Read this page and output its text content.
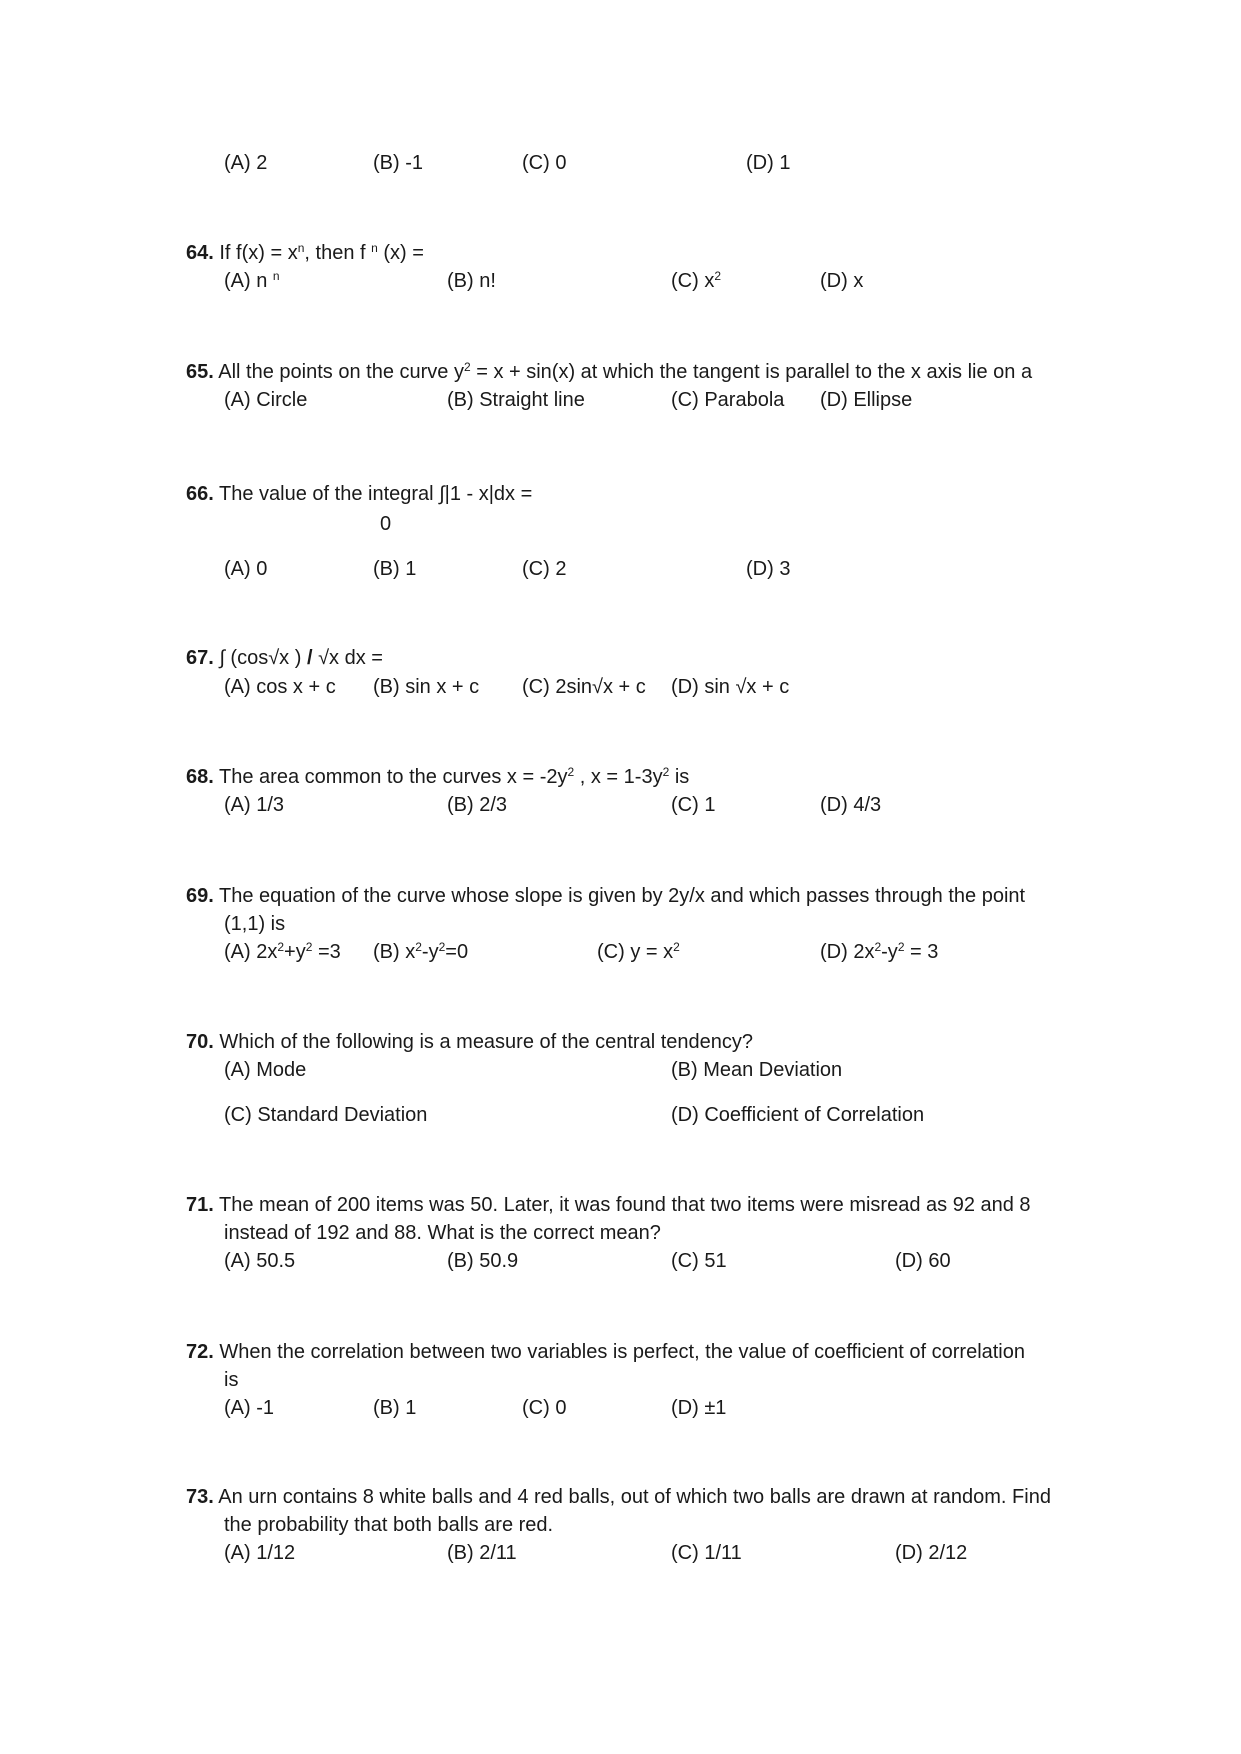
(A) 2	(B) -1	(C) 0	(D) 1
64. If $f(x) = x^n$, then f $^n$ (x) =
(A) n $^n$	(B) n!	(C) $x^2$	(D) x
65. All the points on the curve $y^2 = x + \sin(x)$ at which the tangent is parallel to the x axis lie on a
(A) Circle	(B) Straight line	(C) Parabola (D) Ellipse
66. The value of the integral ∫|1 - x|dx =
0
(A) 0	(B) 1	(C) 2	(D) 3
67. ∫ (cos√x ) / √x dx =
(A) cos x + c (B) sin x + c (C) 2sin√x + c (D) sin √x + c
68. The area common to the curves $x = -2y^2$ , $x = 1-3y^2$ is
(A) 1/3	(B) 2/3	(C) 1	(D) 4/3
69. The equation of the curve whose slope is given by 2y/x and which passes through the point
(1,1) is
(A) $2x^2+y^2 =3$ (B) $x^2-y^2=0$	(C) $y = x^2$	(D) $2x^2-y^2 = 3$
70. Which of the following is a measure of the central tendency?
(A) Mode	(B) Mean Deviation
(C) Standard Deviation	(D) Coefficient of Correlation
71. The mean of 200 items was 50. Later, it was found that two items were misread as 92 and 8
instead of 192 and 88. What is the correct mean?
(A) 50.5	(B) 50.9	(C) 51	(D) 60
72. When the correlation between two variables is perfect, the value of coefficient of correlation
is
(A) -1	(B) 1	(C) 0	(D) ±1
73. An urn contains 8 white balls and 4 red balls, out of which two balls are drawn at random. Find
the probability that both balls are red.
(A) 1/12	(B) 2/11	(C) 1/11	(D) 2/12
